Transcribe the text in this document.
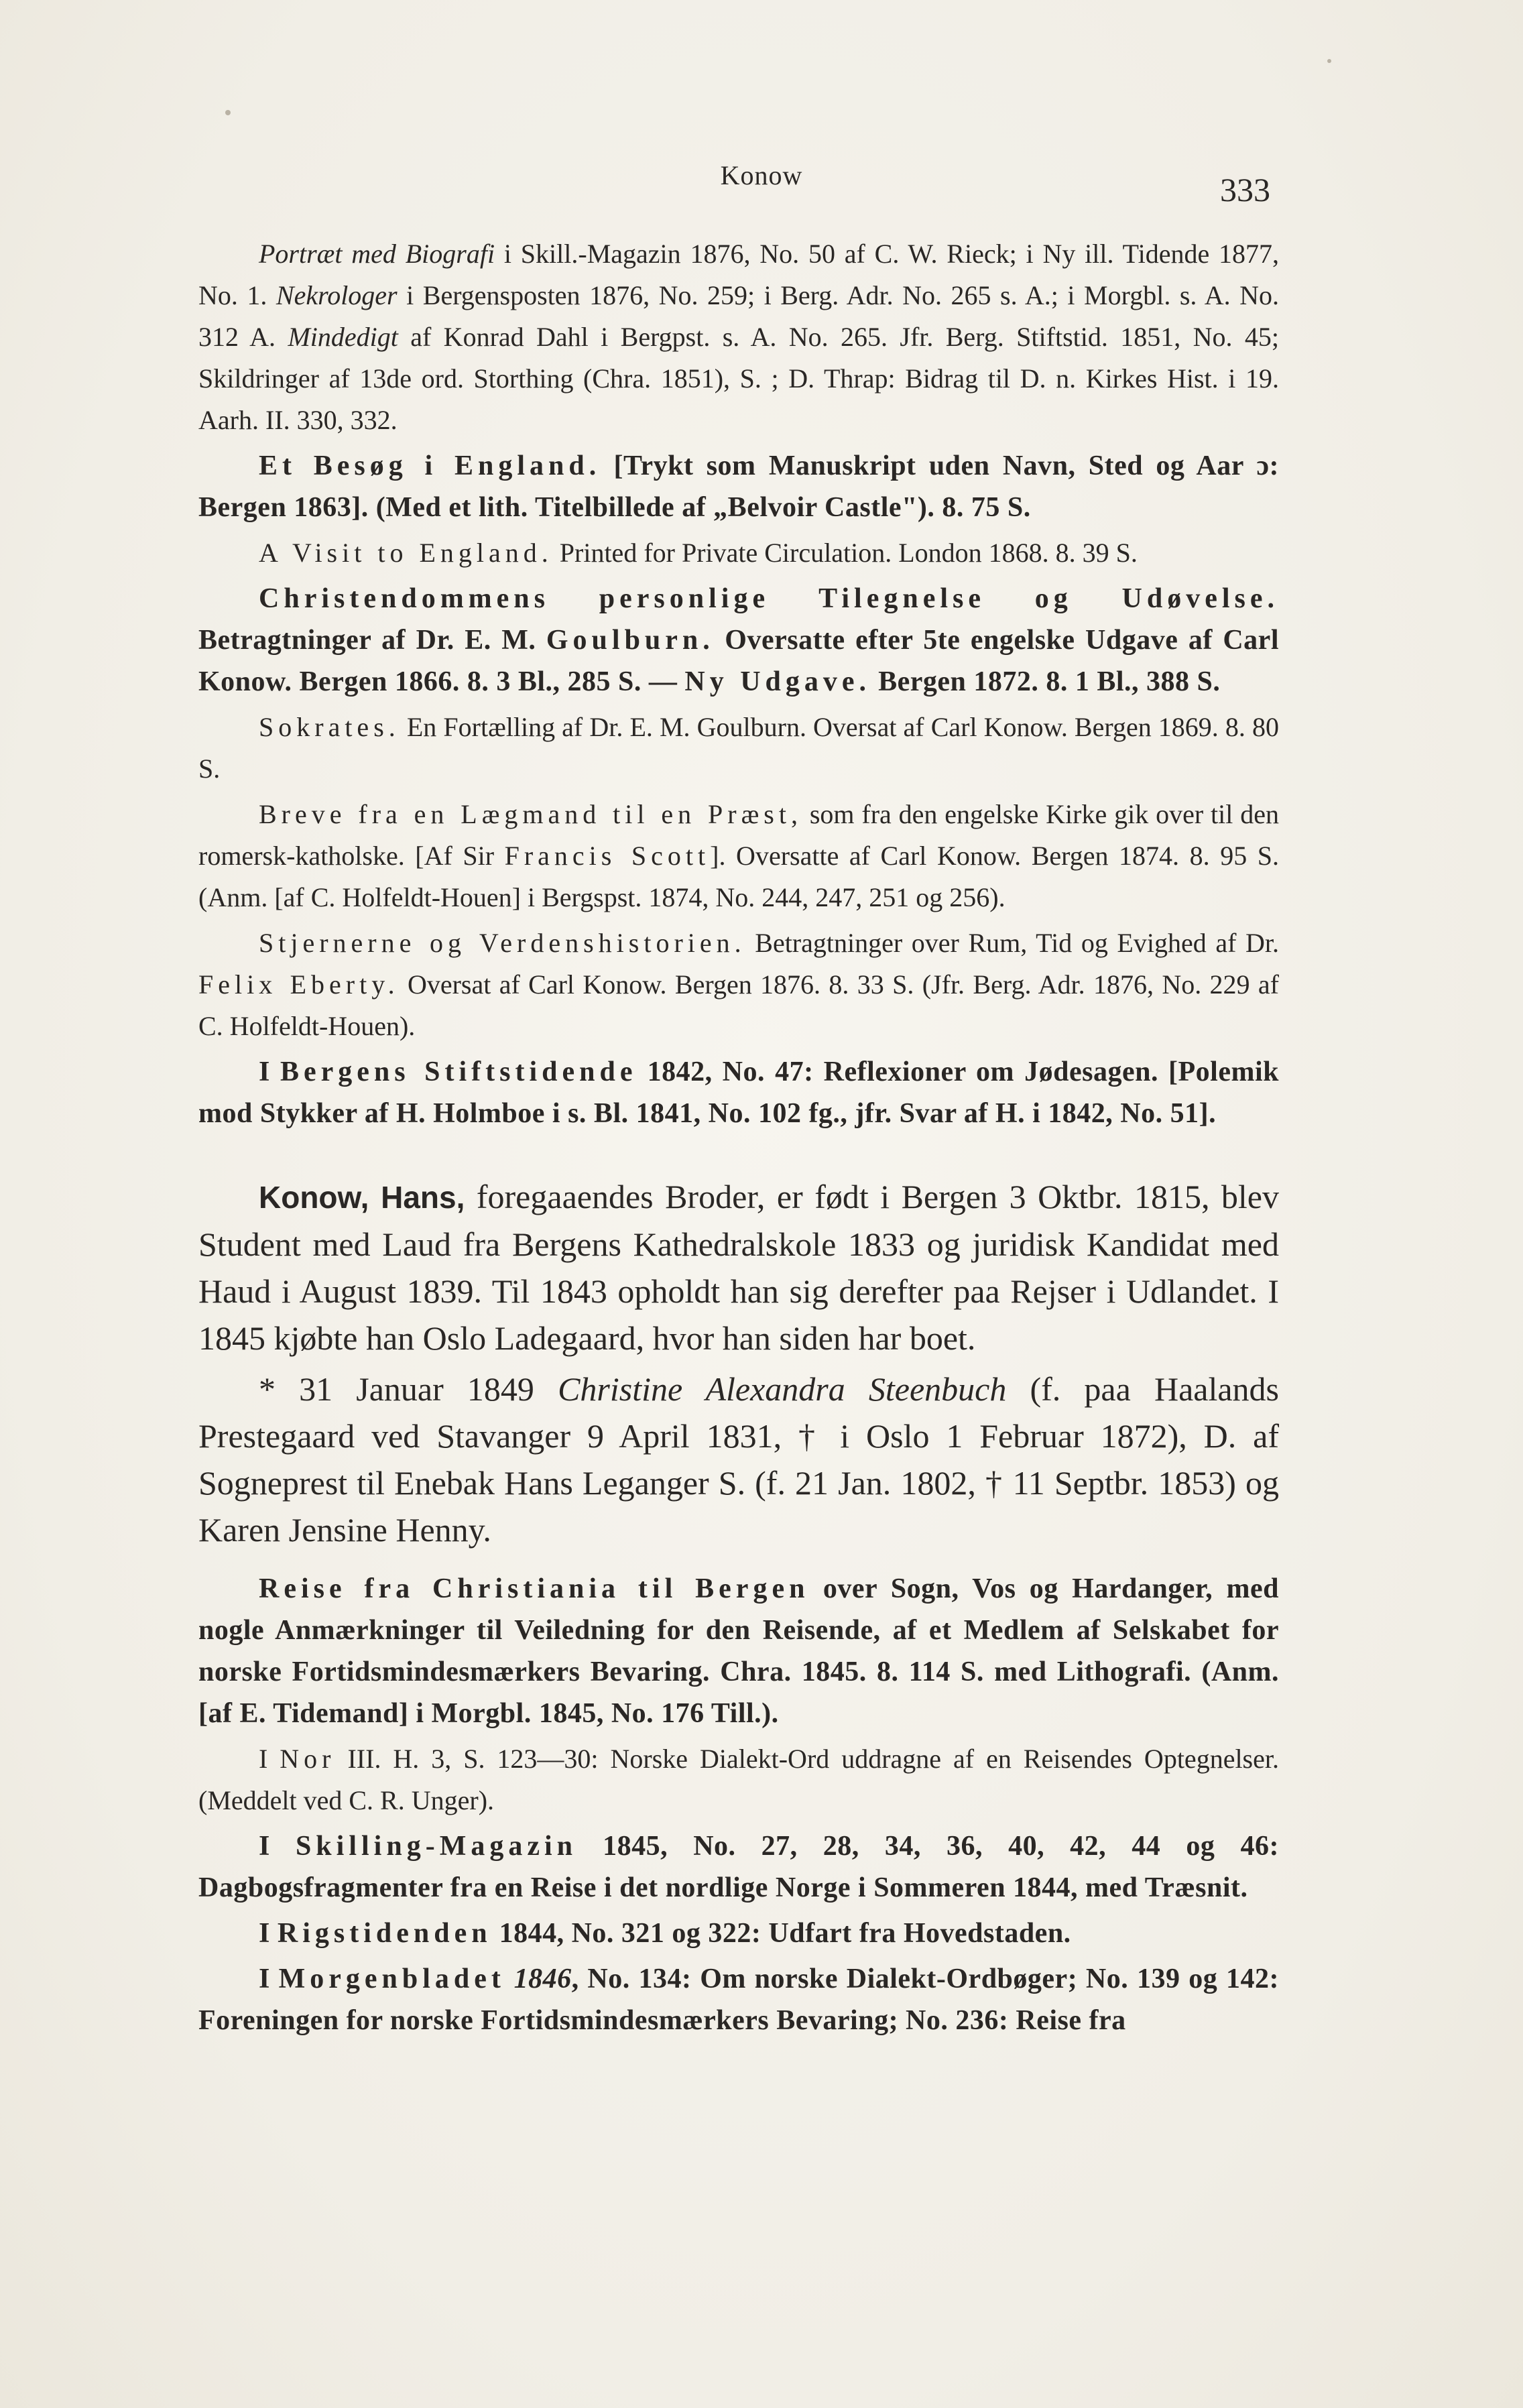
Konow	333

Portræt med Biografi i Skill.-Magazin 1876, No. 50 af C. W. Rieck; i Ny ill. Tidende 1877, No. 1. Nekrologer i Bergensposten 1876, No. 259; i Berg. Adr. No. 265 s. A.; i Morgbl. s. A. No. 312 A. Mindedigt af Konrad Dahl i Bergpst. s. A. No. 265. Jfr. Berg. Stiftstid. 1851, No. 45; Skildringer af 13de ord. Storthing (Chra. 1851), S. ; D. Thrap: Bidrag til D. n. Kirkes Hist. i 19. Aarh. II. 330, 332.

Et Besøg i England. [Trykt som Manuskript uden Navn, Sted og Aar ɔ: Bergen 1863]. (Med et lith. Titelbillede af „Belvoir Castle"). 8. 75 S.

A Visit to England. Printed for Private Circulation. London 1868. 8. 39 S.

Christendommens personlige Tilegnelse og Udøvelse. Betragtninger af Dr. E. M. Goulburn. Oversatte efter 5te engelske Udgave af Carl Konow. Bergen 1866. 8. 3 Bl., 285 S. — Ny Udgave. Bergen 1872. 8. 1 Bl., 388 S.

Sokrates. En Fortælling af Dr. E. M. Goulburn. Oversat af Carl Konow. Bergen 1869. 8. 80 S.

Breve fra en Lægmand til en Præst, som fra den engelske Kirke gik over til den romersk-katholske. [Af Sir Francis Scott]. Oversatte af Carl Konow. Bergen 1874. 8. 95 S. (Anm. [af C. Holfeldt-Houen] i Bergspst. 1874, No. 244, 247, 251 og 256).

Stjernerne og Verdenshistorien. Betragtninger over Rum, Tid og Evighed af Dr. Felix Eberty. Oversat af Carl Konow. Bergen 1876. 8. 33 S. (Jfr. Berg. Adr. 1876, No. 229 af C. Holfeldt-Houen).

I Bergens Stiftstidende 1842, No. 47: Reflexioner om Jødesagen. [Polemik mod Stykker af H. Holmboe i s. Bl. 1841, No. 102 fg., jfr. Svar af H. i 1842, No. 51].

Konow, Hans, foregaaendes Broder, er født i Bergen 3 Oktbr. 1815, blev Student med Laud fra Bergens Kathedralskole 1833 og juridisk Kandidat med Haud i August 1839. Til 1843 opholdt han sig derefter paa Rejser i Udlandet. I 1845 kjøbte han Oslo Ladegaard, hvor han siden har boet.

* 31 Januar 1849 Christine Alexandra Steenbuch (f. paa Haalands Prestegaard ved Stavanger 9 April 1831, † i Oslo 1 Februar 1872), D. af Sogneprest til Enebak Hans Leganger S. (f. 21 Jan. 1802, † 11 Septbr. 1853) og Karen Jensine Henny.

Reise fra Christiania til Bergen over Sogn, Vos og Hardanger, med nogle Anmærkninger til Veiledning for den Reisende, af et Medlem af Selskabet for norske Fortidsmindesmærkers Bevaring. Chra. 1845. 8. 114 S. med Lithografi. (Anm. [af E. Tidemand] i Morgbl. 1845, No. 176 Till.).

I Nor III. H. 3, S. 123—30: Norske Dialekt-Ord uddragne af en Reisendes Optegnelser. (Meddelt ved C. R. Unger).

I Skilling-Magazin 1845, No. 27, 28, 34, 36, 40, 42, 44 og 46: Dagbogsfragmenter fra en Reise i det nordlige Norge i Sommeren 1844, med Træsnit.

I Rigstidenden 1844, No. 321 og 322: Udfart fra Hovedstaden.

I Morgenbladet 1846, No. 134: Om norske Dialekt-Ordbøger; No. 139 og 142: Foreningen for norske Fortidsmindesmærkers Bevaring; No. 236: Reise fra
